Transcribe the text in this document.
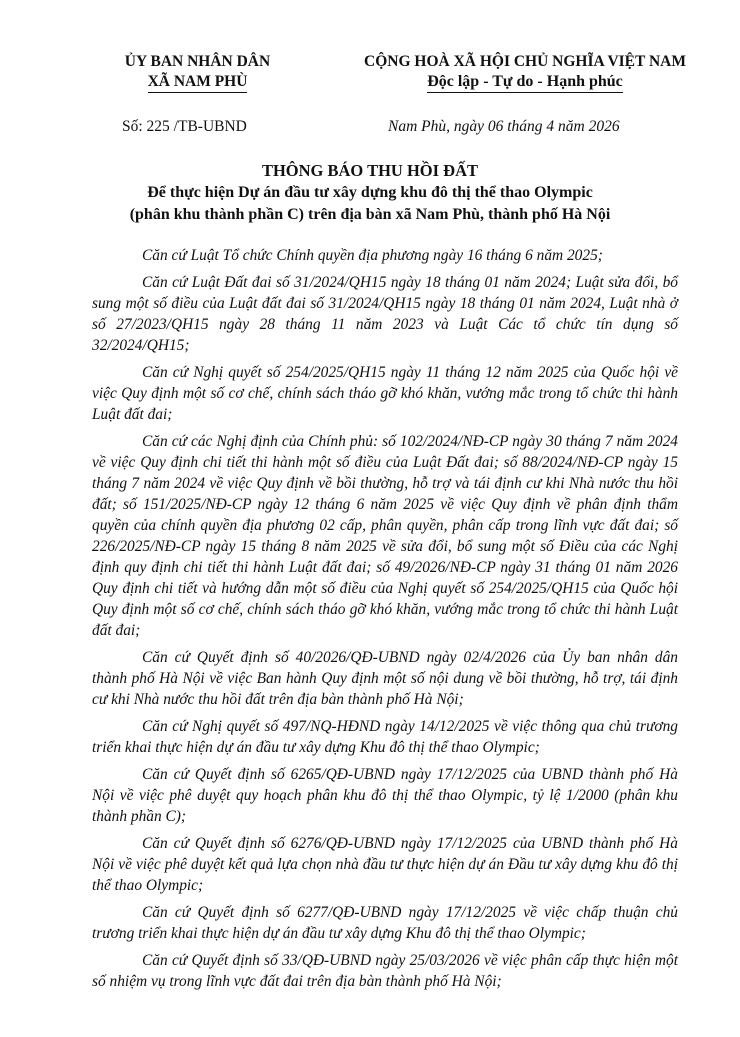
ỦY BAN NHÂN DÂN
XÃ NAM PHÙ
CỘNG HOÀ XÃ HỘI CHỦ NGHĨA VIỆT NAM
Độc lập - Tự do - Hạnh phúc
Số: 225 /TB-UBND	Nam Phù, ngày 06 tháng 4 năm 2026
THÔNG BÁO THU HỒI ĐẤT
Để thực hiện Dự án đầu tư xây dựng khu đô thị thể thao Olympic
(phân khu thành phần C) trên địa bàn xã Nam Phù, thành phố Hà Nội

Căn cứ Luật Tổ chức Chính quyền địa phương ngày 16 tháng 6 năm 2025;

Căn cứ Luật Đất đai số 31/2024/QH15 ngày 18 tháng 01 năm 2024; Luật sửa đổi, bổ sung một số điều của Luật đất đai số 31/2024/QH15 ngày 18 tháng 01 năm 2024, Luật nhà ở số 27/2023/QH15 ngày 28 tháng 11 năm 2023 và Luật Các tổ chức tín dụng số 32/2024/QH15;

Căn cứ Nghị quyết số 254/2025/QH15 ngày 11 tháng 12 năm 2025 của Quốc hội về việc Quy định một số cơ chế, chính sách tháo gỡ khó khăn, vướng mắc trong tổ chức thi hành Luật đất đai;

Căn cứ các Nghị định của Chính phủ: số 102/2024/NĐ-CP ngày 30 tháng 7 năm 2024 về việc Quy định chi tiết thi hành một số điều của Luật Đất đai; số 88/2024/NĐ-CP ngày 15 tháng 7 năm 2024 về việc Quy định về bồi thường, hỗ trợ và tái định cư khi Nhà nước thu hồi đất; số 151/2025/NĐ-CP ngày 12 tháng 6 năm 2025 về việc Quy định về phân định thẩm quyền của chính quyền địa phương 02 cấp, phân quyền, phân cấp trong lĩnh vực đất đai; số 226/2025/NĐ-CP ngày 15 tháng 8 năm 2025 về sửa đổi, bổ sung một số Điều của các Nghị định quy định chi tiết thi hành Luật đất đai; số 49/2026/NĐ-CP ngày 31 tháng 01 năm 2026 Quy định chi tiết và hướng dẫn một số điều của Nghị quyết số 254/2025/QH15 của Quốc hội Quy định một số cơ chế, chính sách tháo gỡ khó khăn, vướng mắc trong tổ chức thi hành Luật đất đai;

Căn cứ Quyết định số 40/2026/QĐ-UBND ngày 02/4/2026 của Ủy ban nhân dân thành phố Hà Nội về việc Ban hành Quy định một số nội dung về bồi thường, hỗ trợ, tái định cư khi Nhà nước thu hồi đất trên địa bàn thành phố Hà Nội;

Căn cứ Nghị quyết số 497/NQ-HĐND ngày 14/12/2025 về việc thông qua chủ trương triển khai thực hiện dự án đầu tư xây dựng Khu đô thị thể thao Olympic;

Căn cứ Quyết định số 6265/QĐ-UBND ngày 17/12/2025 của UBND thành phố Hà Nội về việc phê duyệt quy hoạch phân khu đô thị thể thao Olympic, tỷ lệ 1/2000 (phân khu thành phần C);

Căn cứ Quyết định số 6276/QĐ-UBND ngày 17/12/2025 của UBND thành phố Hà Nội về việc phê duyệt kết quả lựa chọn nhà đầu tư thực hiện dự án Đầu tư xây dựng khu đô thị thể thao Olympic;

Căn cứ Quyết định số 6277/QĐ-UBND ngày 17/12/2025 về việc chấp thuận chủ trương triển khai thực hiện dự án đầu tư xây dựng Khu đô thị thể thao Olympic;

Căn cứ Quyết định số 33/QĐ-UBND ngày 25/03/2026 về việc phân cấp thực hiện một số nhiệm vụ trong lĩnh vực đất đai trên địa bàn thành phố Hà Nội;
